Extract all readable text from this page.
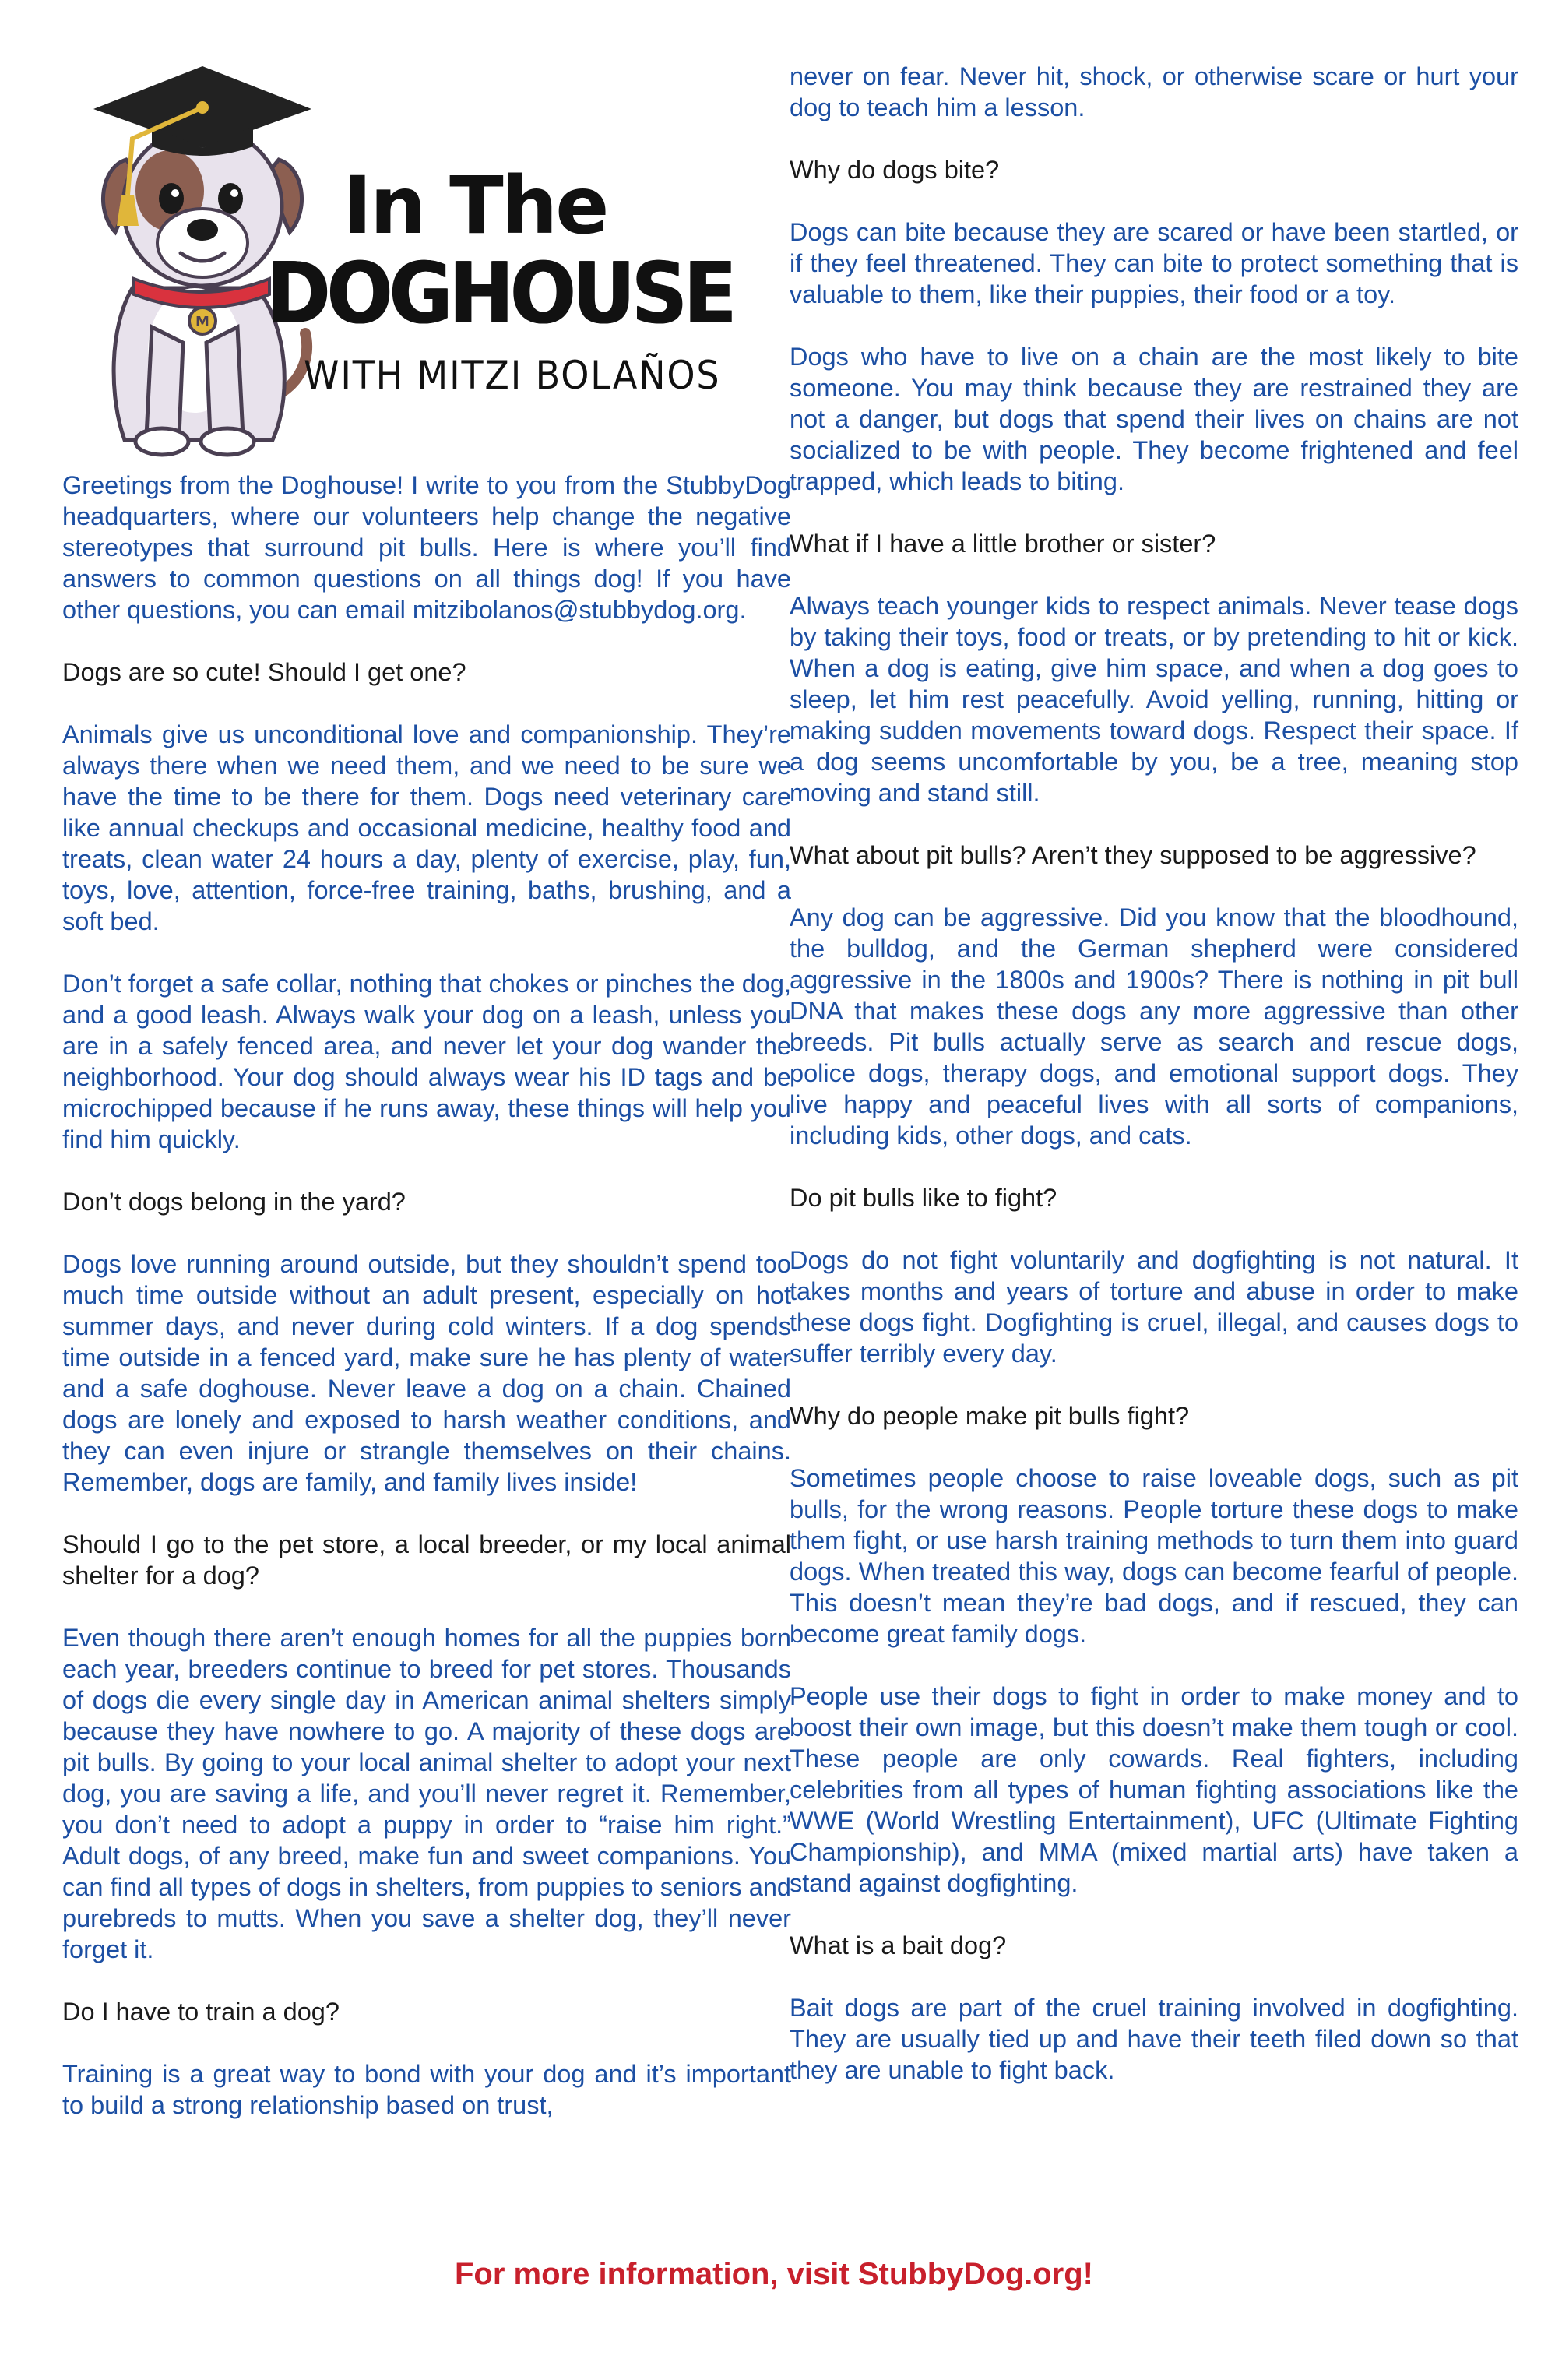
M
In The
DOGHOUSE
WITH MITZI BOLAÑOS

Greetings from the Doghouse! I write to you from the StubbyDog headquarters, where our volunteers help change the negative stereotypes that surround pit bulls. Here is where you’ll find answers to common questions on all things dog! If you have other questions, you can email mitzibolanos@stubbydog.org.

Dogs are so cute! Should I get one?

Animals give us unconditional love and companionship. They’re always there when we need them, and we need to be sure we have the time to be there for them. Dogs need veterinary care like annual checkups and occasional medicine, healthy food and treats, clean water 24 hours a day, plenty of exercise, play, fun, toys, love, attention, force-free training, baths, brushing, and a soft bed.

Don’t forget a safe collar, nothing that chokes or pinches the dog, and a good leash. Always walk your dog on a leash, unless you are in a safely fenced area, and never let your dog wander the neighborhood. Your dog should always wear his ID tags and be microchipped because if he runs away, these things will help you find him quickly.

Don’t dogs belong in the yard?

Dogs love running around outside, but they shouldn’t spend too much time outside without an adult present, especially on hot summer days, and never during cold winters. If a dog spends time outside in a fenced yard, make sure he has plenty of water and a safe doghouse. Never leave a dog on a chain. Chained dogs are lonely and exposed to harsh weather conditions, and they can even injure or strangle themselves on their chains. Remember, dogs are family, and family lives inside!

Should I go to the pet store, a local breeder, or my local animal shelter for a dog?

Even though there aren’t enough homes for all the puppies born each year, breeders continue to breed for pet stores. Thousands of dogs die every single day in American animal shelters simply because they have nowhere to go. A majority of these dogs are pit bulls. By going to your local animal shelter to adopt your next dog, you are saving a life, and you’ll never regret it. Remember, you don’t need to adopt a puppy in order to “raise him right.” Adult dogs, of any breed, make fun and sweet companions. You can find all types of dogs in shelters, from puppies to seniors and purebreds to mutts. When you save a shelter dog, they’ll never forget it.

Do I have to train a dog?

Training is a great way to bond with your dog and it’s important to build a strong relationship based on trust,

never on fear. Never hit, shock, or otherwise scare or hurt your dog to teach him a lesson.

Why do dogs bite?

Dogs can bite because they are scared or have been startled, or if they feel threatened. They can bite to protect something that is valuable to them, like their puppies, their food or a toy.

Dogs who have to live on a chain are the most likely to bite someone. You may think because they are restrained they are not a danger, but dogs that spend their lives on chains are not socialized to be with people. They become frightened and feel trapped, which leads to biting.

What if I have a little brother or sister?

Always teach younger kids to respect animals. Never tease dogs by taking their toys, food or treats, or by pretending to hit or kick. When a dog is eating, give him space, and when a dog goes to sleep, let him rest peacefully. Avoid yelling, running, hitting or making sudden movements toward dogs. Respect their space. If a dog seems uncomfortable by you, be a tree, meaning stop moving and stand still.

What about pit bulls? Aren’t they supposed to be aggressive?

Any dog can be aggressive. Did you know that the bloodhound, the bulldog, and the German shepherd were considered aggressive in the 1800s and 1900s? There is nothing in pit bull DNA that makes these dogs any more aggressive than other breeds. Pit bulls actually serve as search and rescue dogs, police dogs, therapy dogs, and emotional support dogs. They live happy and peaceful lives with all sorts of companions, including kids, other dogs, and cats.

Do pit bulls like to fight?

Dogs do not fight voluntarily and dogfighting is not natural. It takes months and years of torture and abuse in order to make these dogs fight. Dogfighting is cruel, illegal, and causes dogs to suffer terribly every day.

Why do people make pit bulls fight?

Sometimes people choose to raise loveable dogs, such as pit bulls, for the wrong reasons. People torture these dogs to make them fight, or use harsh training methods to turn them into guard dogs. When treated this way, dogs can become fearful of people. This doesn’t mean they’re bad dogs, and if rescued, they can become great family dogs.

People use their dogs to fight in order to make money and to boost their own image, but this doesn’t make them tough or cool. These people are only cowards. Real fighters, including celebrities from all types of human fighting associations like the WWE (World Wrestling Entertainment), UFC (Ultimate Fighting Championship), and MMA (mixed martial arts) have taken a stand against dogfighting.

What is a bait dog?

Bait dogs are part of the cruel training involved in dogfighting. They are usually tied up and have their teeth filed down so that they are unable to fight back.

For more information, visit StubbyDog.org!
